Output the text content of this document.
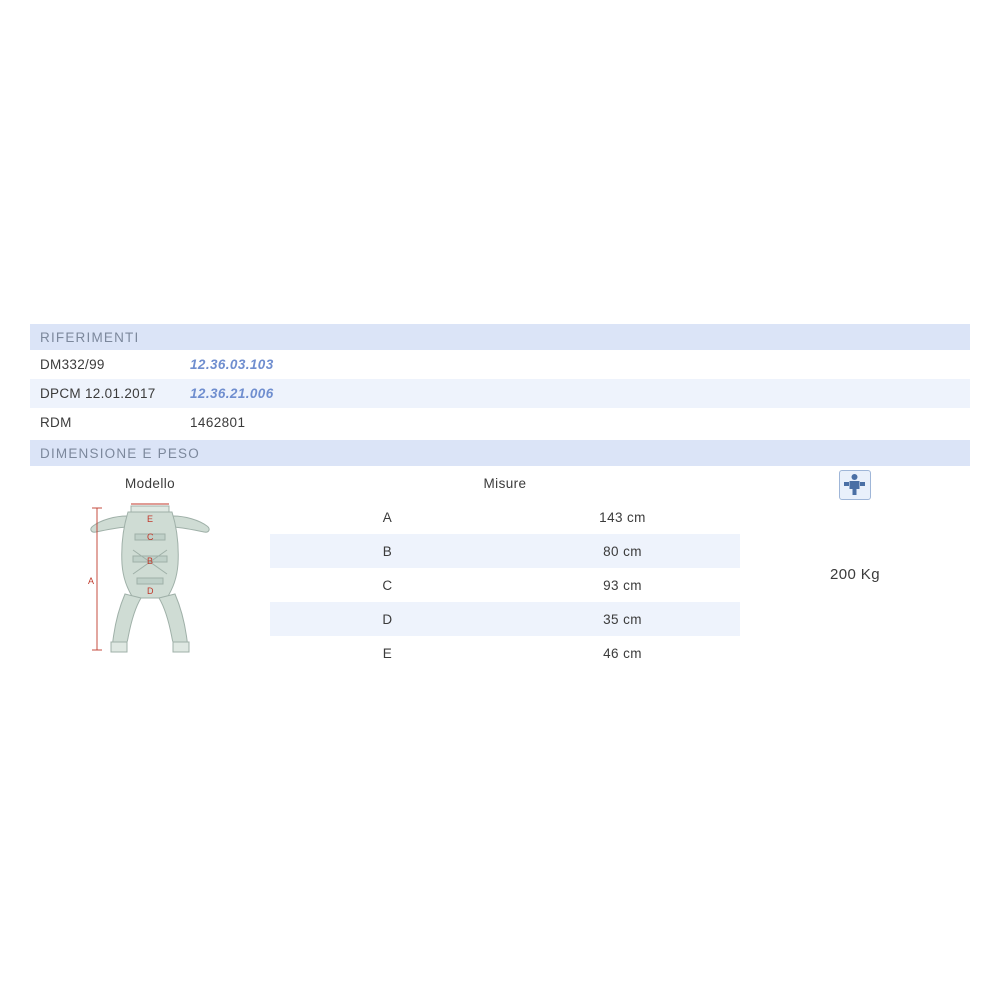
RIFERIMENTI
DM332/99	12.36.03.103
DPCM 12.01.2017	12.36.21.006
RDM	1462801
DIMENSIONE E PESO
Modello
A
B
C
D
E
Misure
A	143 cm
B	80 cm
C	93 cm
D	35 cm
E	46 cm
200 Kg
